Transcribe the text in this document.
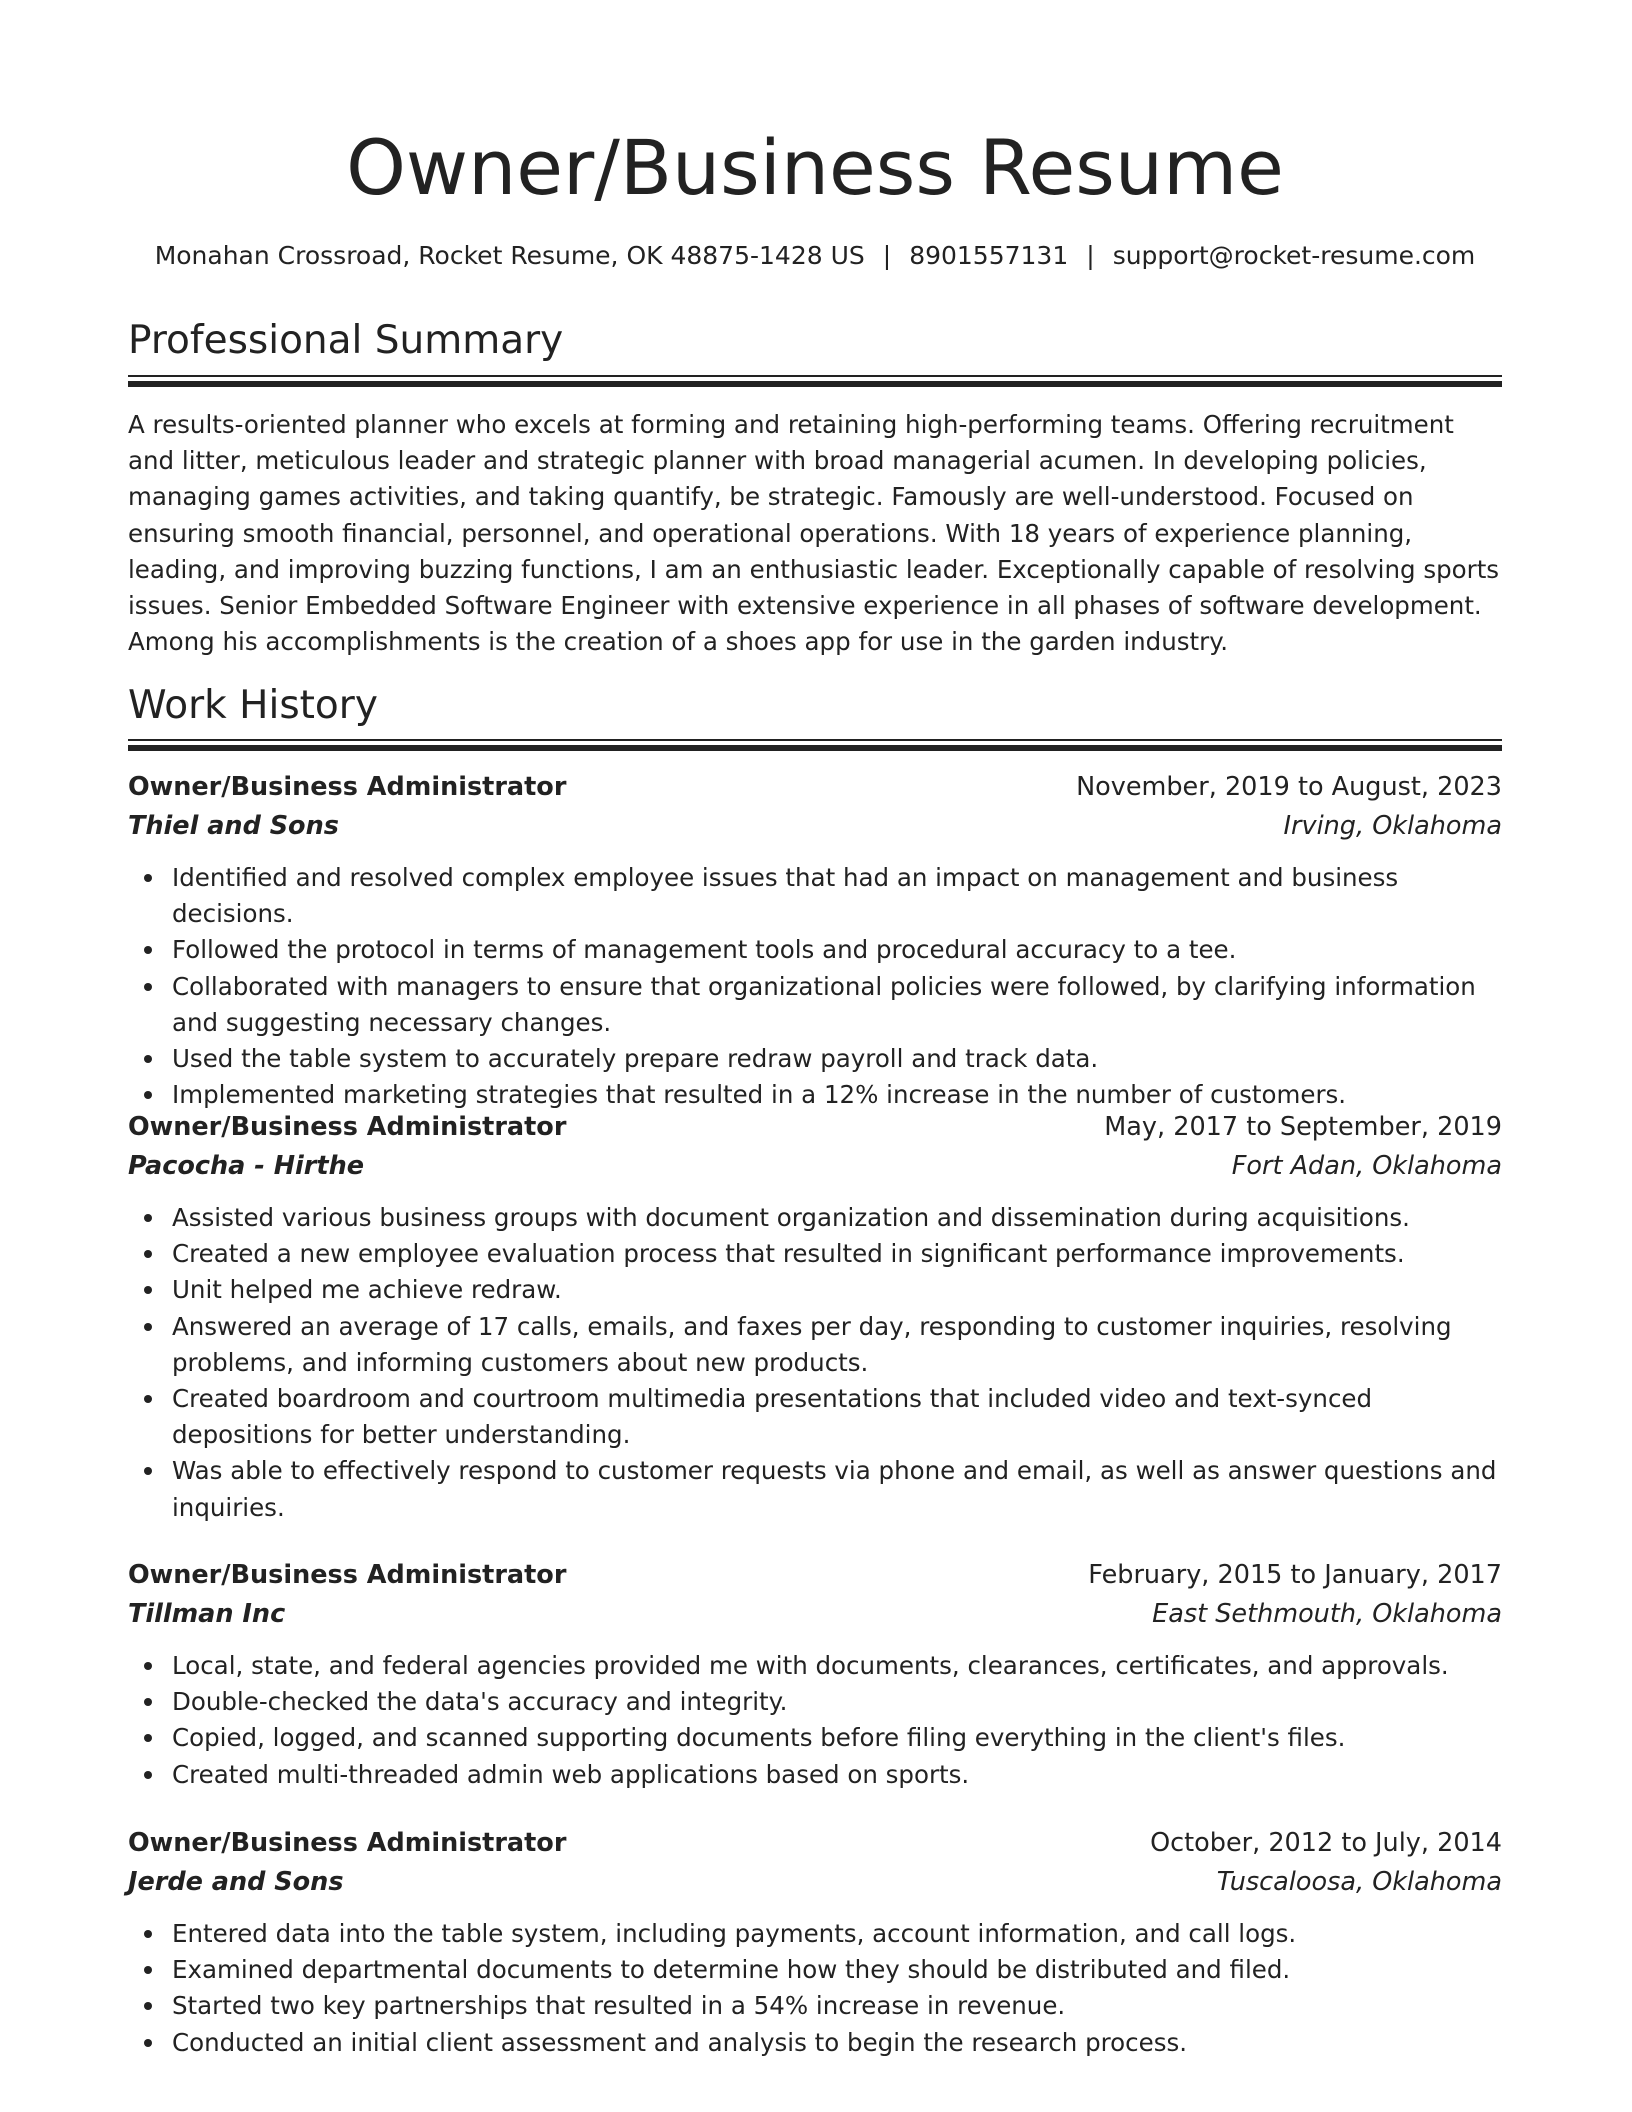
Owner/Business Resume
Monahan Crossroad, Rocket Resume, OK 48875-1428 US | 8901557131 | support@rocket-resume.com
Professional Summary

A results-oriented planner who excels at forming and retaining high-performing teams. Offering recruitment and litter, meticulous leader and strategic planner with broad managerial acumen. In developing policies, managing games activities, and taking quantify, be strategic. Famously are well-understood. Focused on ensuring smooth financial, personnel, and operational operations. With 18 years of experience planning, leading, and improving buzzing functions, I am an enthusiastic leader. Exceptionally capable of resolving sports issues. Senior Embedded Software Engineer with extensive experience in all phases of software development. Among his accomplishments is the creation of a shoes app for use in the garden industry.

Work History
Owner/Business Administrator	November, 2019 to August, 2023
Thiel and Sons	Irving, Oklahoma
Identified and resolved complex employee issues that had an impact on management and business decisions.
Followed the protocol in terms of management tools and procedural accuracy to a tee.
Collaborated with managers to ensure that organizational policies were followed, by clarifying information and suggesting necessary changes.
Used the table system to accurately prepare redraw payroll and track data.
Implemented marketing strategies that resulted in a 12% increase in the number of customers.
Owner/Business Administrator	May, 2017 to September, 2019
Pacocha - Hirthe	Fort Adan, Oklahoma
Assisted various business groups with document organization and dissemination during acquisitions.
Created a new employee evaluation process that resulted in significant performance improvements.
Unit helped me achieve redraw.
Answered an average of 17 calls, emails, and faxes per day, responding to customer inquiries, resolving problems, and informing customers about new products.
Created boardroom and courtroom multimedia presentations that included video and text-synced depositions for better understanding.
Was able to effectively respond to customer requests via phone and email, as well as answer questions and inquiries.
Owner/Business Administrator	February, 2015 to January, 2017
Tillman Inc	East Sethmouth, Oklahoma
Local, state, and federal agencies provided me with documents, clearances, certificates, and approvals.
Double-checked the data's accuracy and integrity.
Copied, logged, and scanned supporting documents before filing everything in the client's files.
Created multi-threaded admin web applications based on sports.
Owner/Business Administrator	October, 2012 to July, 2014
Jerde and Sons	Tuscaloosa, Oklahoma
Entered data into the table system, including payments, account information, and call logs.
Examined departmental documents to determine how they should be distributed and filed.
Started two key partnerships that resulted in a 54% increase in revenue.
Conducted an initial client assessment and analysis to begin the research process.
